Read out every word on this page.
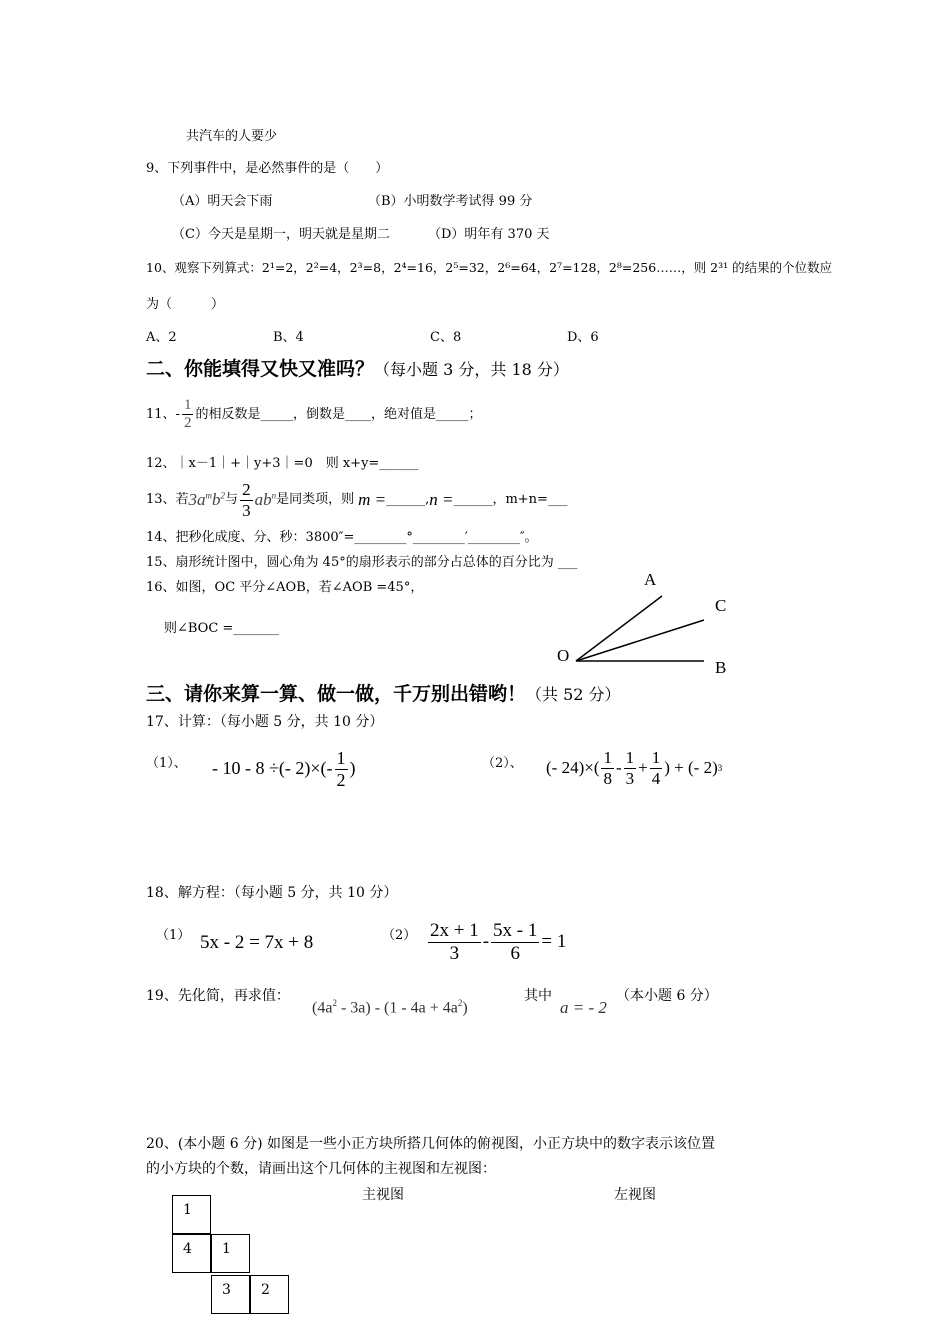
共汽车的人要少
9、下列事件中，是必然事件的是（　　）
（A）明天会下雨	（B）小明数学考试得 99 分
（C）今天是星期一，明天就是星期二	（D）明年有 370 天
10、观察下列算式：2¹=2，2²=4，2³=8，2⁴=16，2⁵=32，2⁶=64，2⁷=128，2⁸=256……，则 2³¹ 的结果的个位数应
为（　　　）
A、2	B、4	C、8	D、6
二、你能填得又快又准吗？（每小题 3 分，共 18 分）
11、- $\frac{1}{2}$ 的相反数是_____，倒数是____，绝对值是_____；
12、｜x－1｜+｜y+3｜=0　则 x+y=______
13、若 $3a^mb^2$ 与 $\frac{2}{3} ab^n$ 是同类项，则 m = ______, n = ______ ，m+n=___
14、把秒化成度、分、秒：3800″=________°________′________″。
15、扇形统计图中，圆心角为 45°的扇形表示的部分占总体的百分比为 ___
16、如图，OC 平分∠AOB，若∠AOB =45°，
则∠BOC =_______
A
C
O
B
三、请你来算一算、做一做，千万别出错哟！（共 52 分）
17、计算：（每小题 5 分，共 10 分）
（1）、 - 10 - 8 ÷(- $2)\times(- \frac{1}{2}$ )	（2）、 (- $24)\times( \frac{1}{8} - \frac{1}{3} + \frac{1}{4}$ ) + (- 2) 3
18、解方程：（每小题 5 分，共 10 分）
（1） 5x - 2 = 7x + 8	$(2) \frac{2x + 1}{3} - \frac{5x - 1}{6} = 1$
19、先化简，再求值：
$(4a^2 - 3a) - (1 - 4a + 4a^2)$
其中
a = - 2
（本小题 6 分）
20、(本小题 6 分) 如图是一些小正方块所搭几何体的俯视图，小正方块中的数字表示该位置
的小方块的个数，请画出这个几何体的主视图和左视图：
主视图	左视图
1
4	1
3	2
